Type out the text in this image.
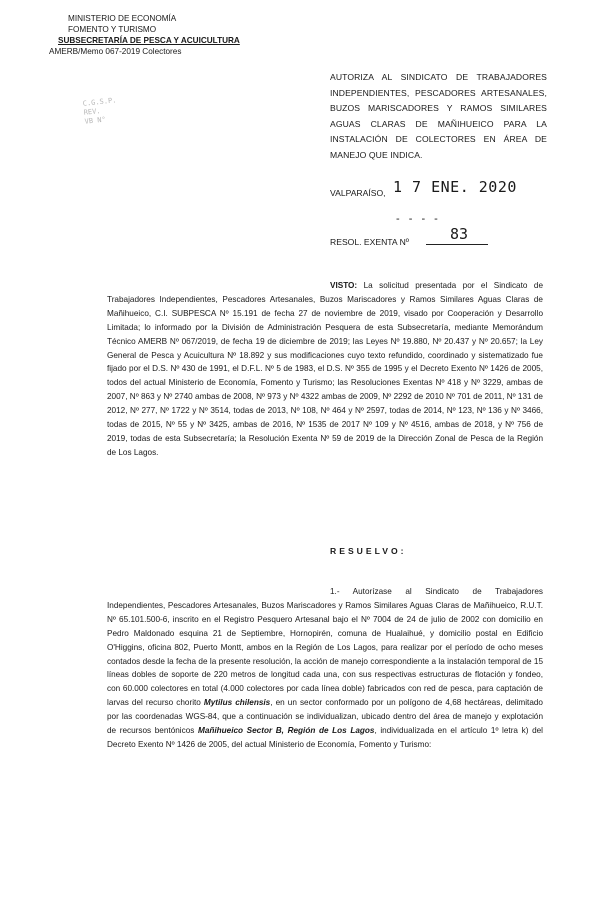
MINISTERIO DE ECONOMÍA
FOMENTO Y TURISMO
SUBSECRETARÍA DE PESCA Y ACUICULTURA
AMERB/Memo 067-2019 Colectores
C.G.S.P.
REV.
VB N°
AUTORIZA AL SINDICATO DE TRABAJADORES INDEPENDIENTES, PESCADORES ARTESANALES, BUZOS MARISCADORES Y RAMOS SIMILARES AGUAS CLARAS DE MAÑIHUEICO PARA LA INSTALACIÓN DE COLECTORES EN ÁREA DE MANEJO QUE INDICA.
VALPARAÍSO, 1 7 ENE. 2020
- - - -
RESOL. EXENTA Nº	83

VISTO: La solicitud presentada por el Sindicato de Trabajadores Independientes, Pescadores Artesanales, Buzos Mariscadores y Ramos Similares Aguas Claras de Mañihueico, C.I. SUBPESCA Nº 15.191 de fecha 27 de noviembre de 2019, visado por Cooperación y Desarrollo Limitada; lo informado por la División de Administración Pesquera de esta Subsecretaría, mediante Memorándum Técnico AMERB Nº 067/2019, de fecha 19 de diciembre de 2019; las Leyes Nº 19.880, Nº 20.437 y Nº 20.657; la Ley General de Pesca y Acuicultura Nº 18.892 y sus modificaciones cuyo texto refundido, coordinado y sistematizado fue fijado por el D.S. Nº 430 de 1991, el D.F.L. Nº 5 de 1983, el D.S. Nº 355 de 1995 y el Decreto Exento Nº 1426 de 2005, todos del actual Ministerio de Economía, Fomento y Turismo; las Resoluciones Exentas Nº 418 y Nº 3229, ambas de 2007, Nº 863 y Nº 2740 ambas de 2008, Nº 973 y Nº 4322 ambas de 2009, Nº 2292 de 2010 Nº 701 de 2011, Nº 131 de 2012, Nº 277, Nº 1722 y Nº 3514, todas de 2013, Nº 108, Nº 464 y Nº 2597, todas de 2014, Nº 123, Nº 136 y Nº 3466, todas de 2015, Nº 55 y Nº 3425, ambas de 2016, Nº 1535 de 2017 Nº 109 y Nº 4516, ambas de 2018, y Nº 756 de 2019, todas de esta Subsecretaría; la Resolución Exenta Nº 59 de 2019 de la Dirección Zonal de Pesca de la Región de Los Lagos.

RESUELVO:

1.- Autorízase al Sindicato de Trabajadores Independientes, Pescadores Artesanales, Buzos Mariscadores y Ramos Similares Aguas Claras de Mañihueico, R.U.T. Nº 65.101.500-6, inscrito en el Registro Pesquero Artesanal bajo el Nº 7004 de 24 de julio de 2002 con domicilio en Pedro Maldonado esquina 21 de Septiembre, Hornopirén, comuna de Hualaihué, y domicilio postal en Edificio O'Higgins, oficina 802, Puerto Montt, ambos en la Región de Los Lagos, para realizar por el período de ocho meses contados desde la fecha de la presente resolución, la acción de manejo correspondiente a la instalación temporal de 15 líneas dobles de soporte de 220 metros de longitud cada una, con sus respectivas estructuras de flotación y fondeo, con 60.000 colectores en total (4.000 colectores por cada línea doble) fabricados con red de pesca, para captación de larvas del recurso chorito Mytilus chilensis, en un sector conformado por un polígono de 4,68 hectáreas, delimitado por las coordenadas WGS-84, que a continuación se individualizan, ubicado dentro del área de manejo y explotación de recursos bentónicos Mañihueico Sector B, Región de Los Lagos, individualizada en el artículo 1º letra k) del Decreto Exento Nº 1426 de 2005, del actual Ministerio de Economía, Fomento y Turismo:
